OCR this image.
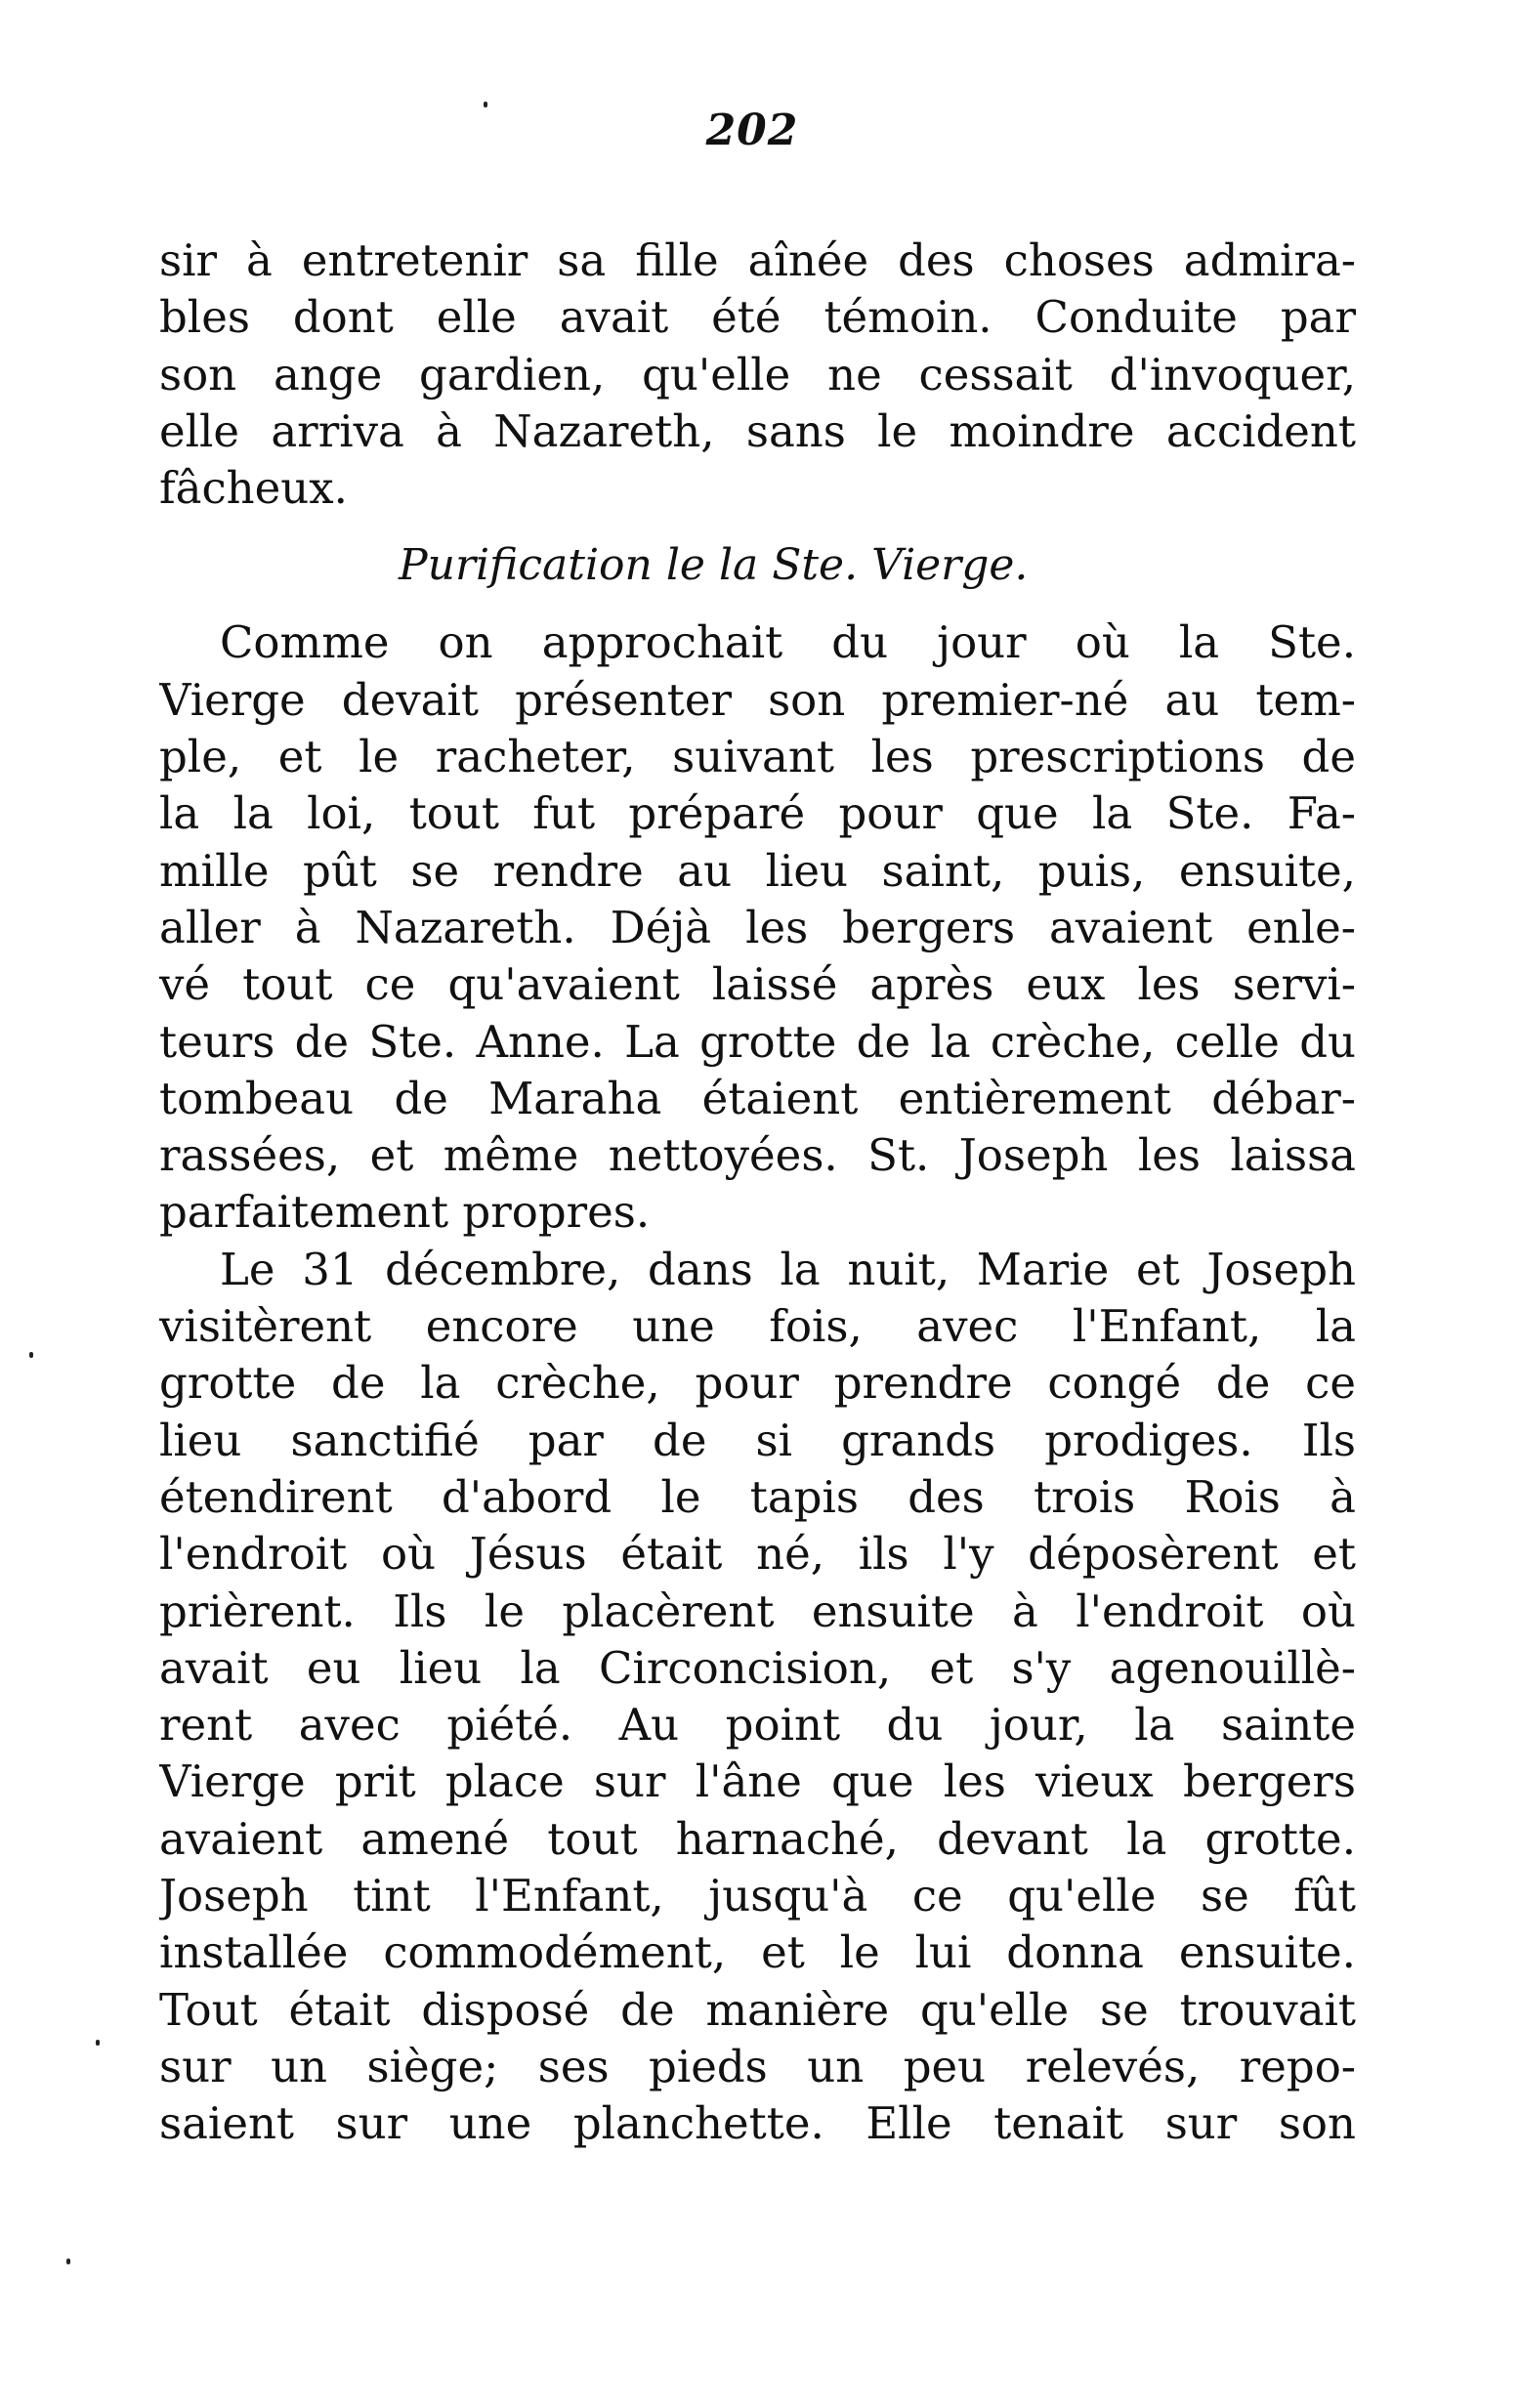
202
sir à entretenir sa fille aînée des choses admira-
bles dont elle avait été témoin. Conduite par
son ange gardien, qu'elle ne cessait d'invoquer,
elle arriva à Nazareth, sans le moindre accident
fâcheux.
Purification le la Ste. Vierge.
Comme on approchait du jour où la Ste.
Vierge devait présenter son premier-né au tem-
ple, et le racheter, suivant les prescriptions de
la la loi, tout fut préparé pour que la Ste. Fa-
mille pût se rendre au lieu saint, puis, ensuite,
aller à Nazareth. Déjà les bergers avaient enle-
vé tout ce qu'avaient laissé après eux les servi-
teurs de Ste. Anne. La grotte de la crèche, celle du
tombeau de Maraha étaient entièrement débar-
rassées, et même nettoyées. St. Joseph les laissa
parfaitement propres.
Le 31 décembre, dans la nuit, Marie et Joseph
visitèrent encore une fois, avec l'Enfant, la
grotte de la crèche, pour prendre congé de ce
lieu sanctifié par de si grands prodiges. Ils
étendirent d'abord le tapis des trois Rois à
l'endroit où Jésus était né, ils l'y déposèrent et
prièrent. Ils le placèrent ensuite à l'endroit où
avait eu lieu la Circoncision, et s'y agenouillè-
rent avec piété. Au point du jour, la sainte
Vierge prit place sur l'âne que les vieux bergers
avaient amené tout harnaché, devant la grotte.
Joseph tint l'Enfant, jusqu'à ce qu'elle se fût
installée commodément, et le lui donna ensuite.
Tout était disposé de manière qu'elle se trouvait
sur un siège; ses pieds un peu relevés, repo-
saient sur une planchette. Elle tenait sur son
